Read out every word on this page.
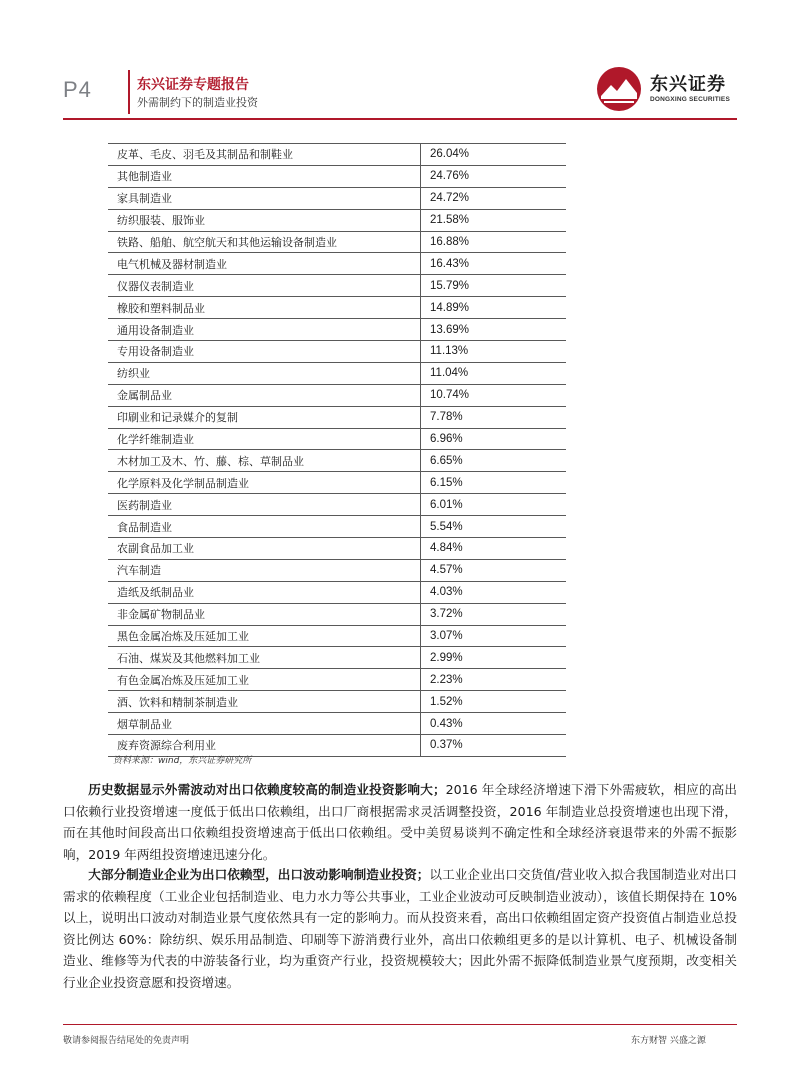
P4	东兴证券专题报告
外需制约下的制造业投资
东兴证券
DONGXING SECURITIES
皮革、毛皮、羽毛及其制品和制鞋业	26.04%
其他制造业	24.76%
家具制造业	24.72%
纺织服装、服饰业	21.58%
铁路、船舶、航空航天和其他运输设备制造业	16.88%
电气机械及器材制造业	16.43%
仪器仪表制造业	15.79%
橡胶和塑料制品业	14.89%
通用设备制造业	13.69%
专用设备制造业	11.13%
纺织业	11.04%
金属制品业	10.74%
印刷业和记录媒介的复制	7.78%
化学纤维制造业	6.96%
木材加工及木、竹、藤、棕、草制品业	6.65%
化学原料及化学制品制造业	6.15%
医药制造业	6.01%
食品制造业	5.54%
农副食品加工业	4.84%
汽车制造	4.57%
造纸及纸制品业	4.03%
非金属矿物制品业	3.72%
黑色金属冶炼及压延加工业	3.07%
石油、煤炭及其他燃料加工业	2.99%
有色金属冶炼及压延加工业	2.23%
酒、饮料和精制茶制造业	1.52%
烟草制品业	0.43%
废弃资源综合利用业	0.37%
资料来源：wind，东兴证券研究所

历史数据显示外需波动对出口依赖度较高的制造业投资影响大；2016 年全球经济增速下滑下外需疲软，相应的高出口依赖行业投资增速一度低于低出口依赖组，出口厂商根据需求灵活调整投资，2016 年制造业总投资增速也出现下滑，而在其他时间段高出口依赖组投资增速高于低出口依赖组。受中美贸易谈判不确定性和全球经济衰退带来的外需不振影响，2019 年两组投资增速迅速分化。

大部分制造业企业为出口依赖型，出口波动影响制造业投资；以工业企业出口交货值/营业收入拟合我国制造业对出口需求的依赖程度（工业企业包括制造业、电力水力等公共事业，工业企业波动可反映制造业波动），该值长期保持在 10%以上，说明出口波动对制造业景气度依然具有一定的影响力。而从投资来看，高出口依赖组固定资产投资值占制造业总投资比例达 60%：除纺织、娱乐用品制造、印刷等下游消费行业外，高出口依赖组更多的是以计算机、电子、机械设备制造业、维修等为代表的中游装备行业，均为重资产行业，投资规模较大；因此外需不振降低制造业景气度预期，改变相关行业企业投资意愿和投资增速。

敬请参阅报告结尾处的免责声明	东方财智 兴盛之源
